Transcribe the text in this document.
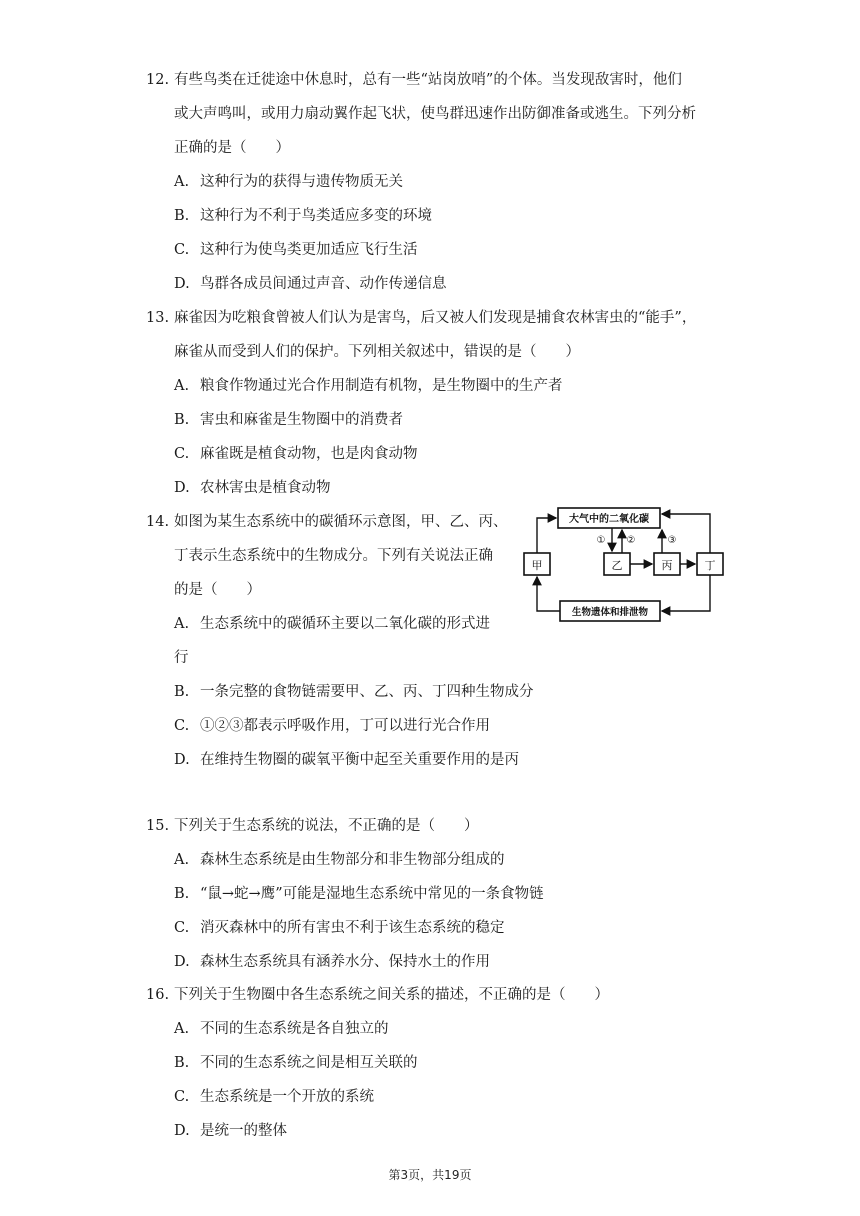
12. 有些鸟类在迁徙途中休息时，总有一些“站岗放哨”的个体。当发现敌害时，他们
或大声鸣叫，或用力扇动翼作起飞状，使鸟群迅速作出防御准备或逃生。下列分析
正确的是（　　）
A. 这种行为的获得与遗传物质无关
B. 这种行为不利于鸟类适应多变的环境
C. 这种行为使鸟类更加适应飞行生活
D. 鸟群各成员间通过声音、动作传递信息
13. 麻雀因为吃粮食曾被人们认为是害鸟，后又被人们发现是捕食农林害虫的“能手”，
麻雀从而受到人们的保护。下列相关叙述中，错误的是（　　）
A. 粮食作物通过光合作用制造有机物，是生物圈中的生产者
B. 害虫和麻雀是生物圈中的消费者
C. 麻雀既是植食动物，也是肉食动物
D. 农林害虫是植食动物
14. 如图为某生态系统中的碳循环示意图，甲、乙、丙、
丁表示生态系统中的生物成分。下列有关说法正确
的是（　　）
A. 生态系统中的碳循环主要以二氧化碳的形式进
行
B. 一条完整的食物链需要甲、乙、丙、丁四种生物成分
C. ①②③都表示呼吸作用，丁可以进行光合作用
D. 在维持生物圈的碳氧平衡中起至关重要作用的是丙
大气中的二氧化碳
甲	乙	丙	丁
生物遗体和排泄物
① ②	③
15. 下列关于生态系统的说法，不正确的是（　　）
A. 森林生态系统是由生物部分和非生物部分组成的
B. “鼠→蛇→鹰”可能是湿地生态系统中常见的一条食物链
C. 消灭森林中的所有害虫不利于该生态系统的稳定
D. 森林生态系统具有涵养水分、保持水土的作用
16. 下列关于生物圈中各生态系统之间关系的描述，不正确的是（　　）
A. 不同的生态系统是各自独立的
B. 不同的生态系统之间是相互关联的
C. 生态系统是一个开放的系统
D. 是统一的整体
第3页，共19页
